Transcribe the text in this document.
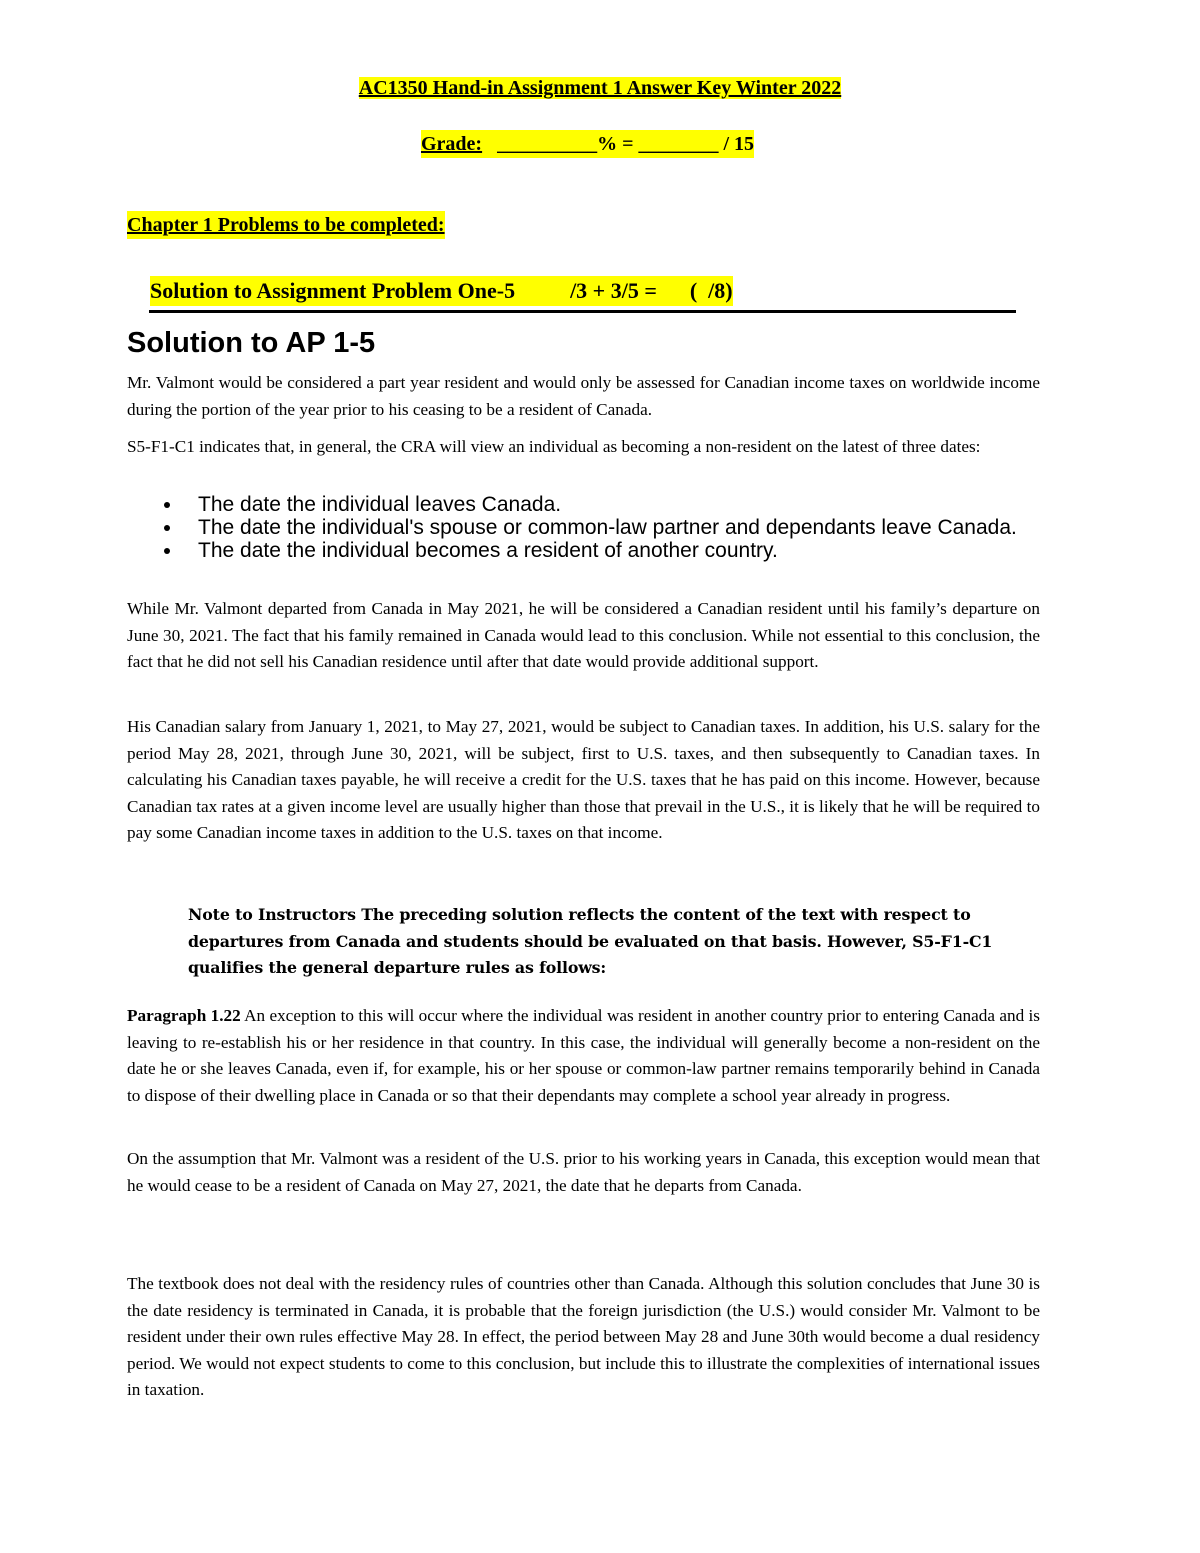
AC1350 Hand-in Assignment 1 Answer Key Winter 2022
Grade: __________% = ________ / 15
Chapter 1 Problems to be completed:
Solution to Assignment Problem One-5	/3 + 3/5 =      (  /8)
Solution to AP 1-5
Mr. Valmont would be considered a part year resident and would only be assessed for Canadian income taxes on worldwide income during the portion of the year prior to his ceasing to be a resident of Canada.
S5-F1-C1 indicates that, in general, the CRA will view an individual as becoming a non-resident on the latest of three dates:
The date the individual leaves Canada.
The date the individual's spouse or common-law partner and dependants leave Canada.
The date the individual becomes a resident of another country.
While Mr. Valmont departed from Canada in May 2021, he will be considered a Canadian resident until his family’s departure on June 30, 2021. The fact that his family remained in Canada would lead to this conclusion. While not essential to this conclusion, the fact that he did not sell his Canadian residence until after that date would provide additional support.
His Canadian salary from January 1, 2021, to May 27, 2021, would be subject to Canadian taxes. In addition, his U.S. salary for the period May 28, 2021, through June 30, 2021, will be subject, first to U.S. taxes, and then subsequently to Canadian taxes. In calculating his Canadian taxes payable, he will receive a credit for the U.S. taxes that he has paid on this income. However, because Canadian tax rates at a given income level are usually higher than those that prevail in the U.S., it is likely that he will be required to pay some Canadian income taxes in addition to the U.S. taxes on that income.
Note to Instructors The preceding solution reflects the content of the text with respect to departures from Canada and students should be evaluated on that basis. However, S5-F1-C1 qualifies the general departure rules as follows:
Paragraph 1.22 An exception to this will occur where the individual was resident in another country prior to entering Canada and is leaving to re-establish his or her residence in that country. In this case, the individual will generally become a non-resident on the date he or she leaves Canada, even if, for example, his or her spouse or common-law partner remains temporarily behind in Canada to dispose of their dwelling place in Canada or so that their dependants may complete a school year already in progress.
On the assumption that Mr. Valmont was a resident of the U.S. prior to his working years in Canada, this exception would mean that he would cease to be a resident of Canada on May 27, 2021, the date that he departs from Canada.
The textbook does not deal with the residency rules of countries other than Canada. Although this solution concludes that June 30 is the date residency is terminated in Canada, it is probable that the foreign jurisdiction (the U.S.) would consider Mr. Valmont to be resident under their own rules effective May 28. In effect, the period between May 28 and June 30th would become a dual residency period. We would not expect students to come to this conclusion, but include this to illustrate the complexities of international issues in taxation.
